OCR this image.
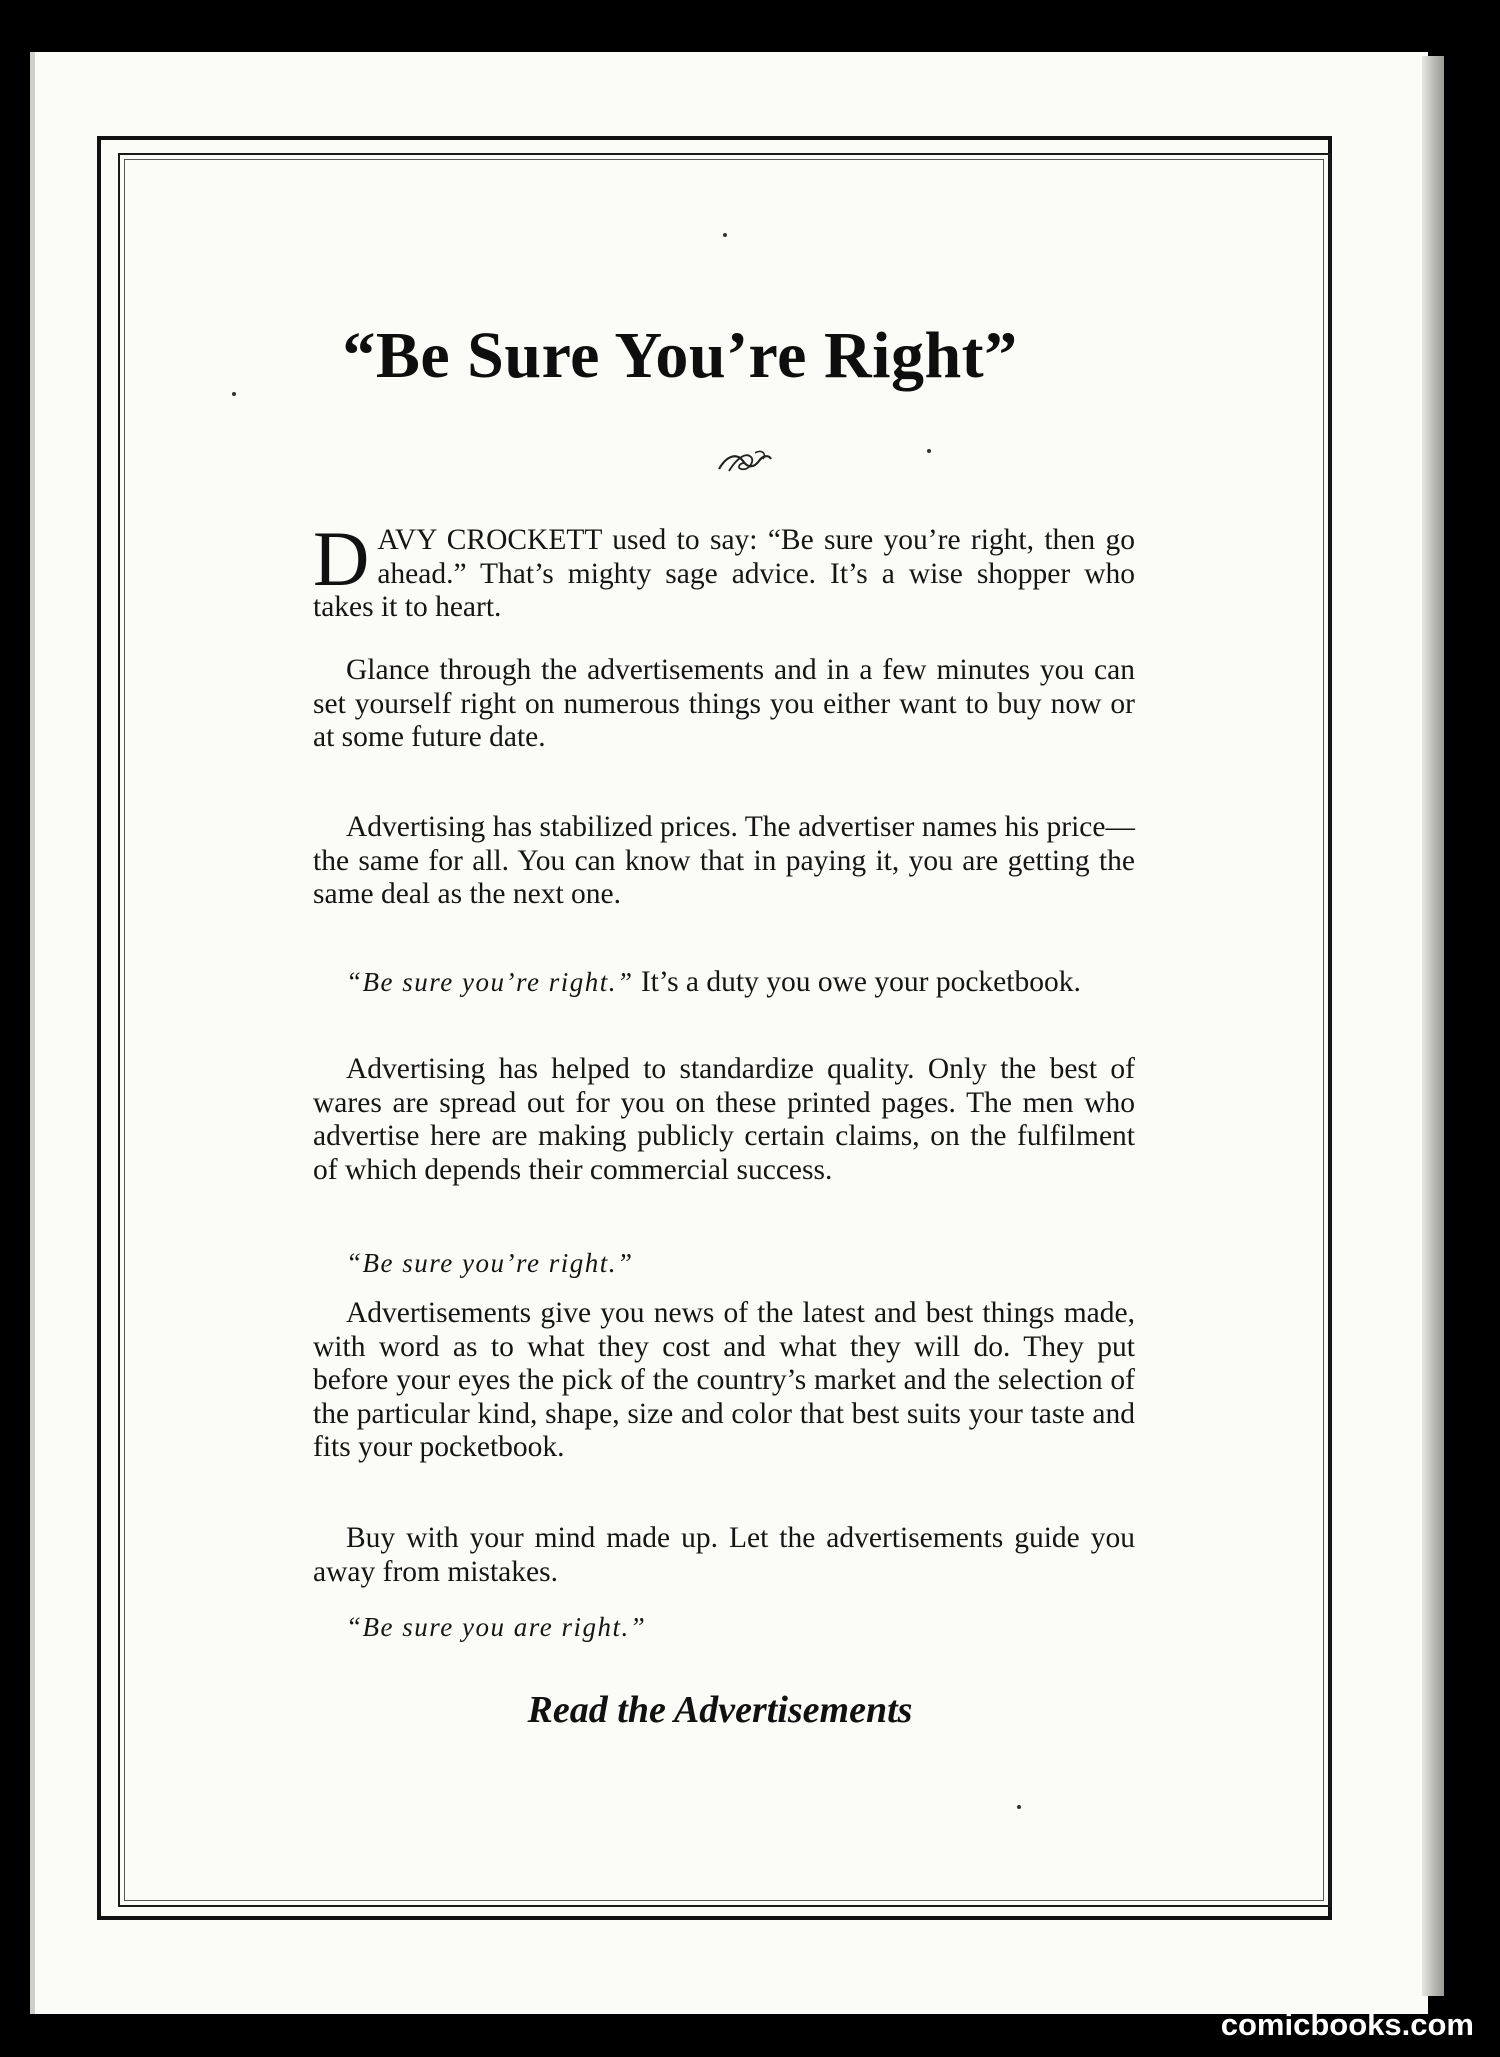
“Be Sure You’re Right”

DAVY CROCKETT used to say: “Be sure you’re right, then go ahead.” That’s mighty sage advice. It’s a wise shopper who takes it to heart.

Glance through the advertisements and in a few minutes you can set yourself right on numerous things you either want to buy now or at some future date.

Advertising has stabilized prices. The advertiser names his price—the same for all. You can know that in paying it, you are getting the same deal as the next one.

“Be sure you’re right.” It’s a duty you owe your pocketbook.

Advertising has helped to standardize quality. Only the best of wares are spread out for you on these printed pages. The men who advertise here are making publicly certain claims, on the fulfilment of which depends their commercial success.

“Be sure you’re right.”

Advertisements give you news of the latest and best things made, with word as to what they cost and what they will do. They put before your eyes the pick of the country’s market and the selection of the particular kind, shape, size and color that best suits your taste and fits your pocketbook.

Buy with your mind made up. Let the advertisements guide you away from mistakes.

“Be sure you are right.”

Read the Advertisements

comicbooks.com
